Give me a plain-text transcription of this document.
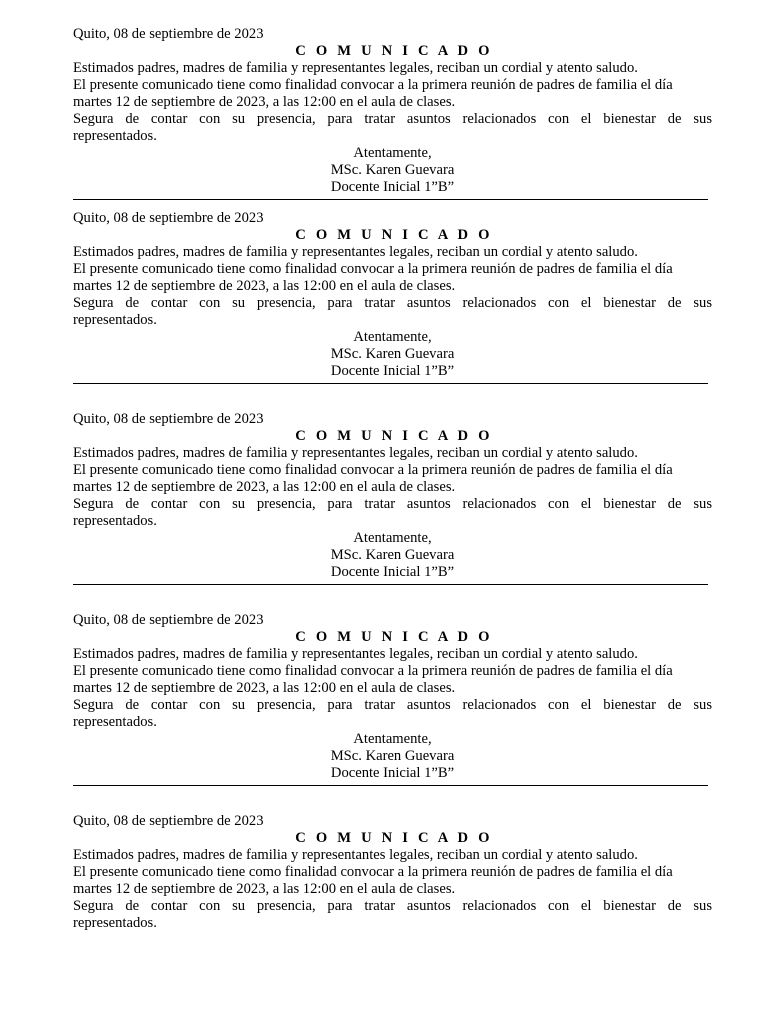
Quito, 08 de septiembre de 2023
C O M U N I C A D O
Estimados padres, madres de familia y representantes legales, reciban un cordial y atento saludo.
El presente comunicado tiene como finalidad convocar a la primera reunión de padres de familia el día
martes 12 de septiembre de 2023, a las 12:00 en el aula de clases.
Segura de contar con su presencia, para tratar asuntos relacionados con el bienestar de sus
representados.
Atentamente,
MSc. Karen Guevara
Docente Inicial 1”B”
Quito, 08 de septiembre de 2023
C O M U N I C A D O
Estimados padres, madres de familia y representantes legales, reciban un cordial y atento saludo.
El presente comunicado tiene como finalidad convocar a la primera reunión de padres de familia el día
martes 12 de septiembre de 2023, a las 12:00 en el aula de clases.
Segura de contar con su presencia, para tratar asuntos relacionados con el bienestar de sus
representados.
Atentamente,
MSc. Karen Guevara
Docente Inicial 1”B”
Quito, 08 de septiembre de 2023
C O M U N I C A D O
Estimados padres, madres de familia y representantes legales, reciban un cordial y atento saludo.
El presente comunicado tiene como finalidad convocar a la primera reunión de padres de familia el día
martes 12 de septiembre de 2023, a las 12:00 en el aula de clases.
Segura de contar con su presencia, para tratar asuntos relacionados con el bienestar de sus
representados.
Atentamente,
MSc. Karen Guevara
Docente Inicial 1”B”
Quito, 08 de septiembre de 2023
C O M U N I C A D O
Estimados padres, madres de familia y representantes legales, reciban un cordial y atento saludo.
El presente comunicado tiene como finalidad convocar a la primera reunión de padres de familia el día
martes 12 de septiembre de 2023, a las 12:00 en el aula de clases.
Segura de contar con su presencia, para tratar asuntos relacionados con el bienestar de sus
representados.
Atentamente,
MSc. Karen Guevara
Docente Inicial 1”B”
Quito, 08 de septiembre de 2023
C O M U N I C A D O
Estimados padres, madres de familia y representantes legales, reciban un cordial y atento saludo.
El presente comunicado tiene como finalidad convocar a la primera reunión de padres de familia el día
martes 12 de septiembre de 2023, a las 12:00 en el aula de clases.
Segura de contar con su presencia, para tratar asuntos relacionados con el bienestar de sus
representados.
